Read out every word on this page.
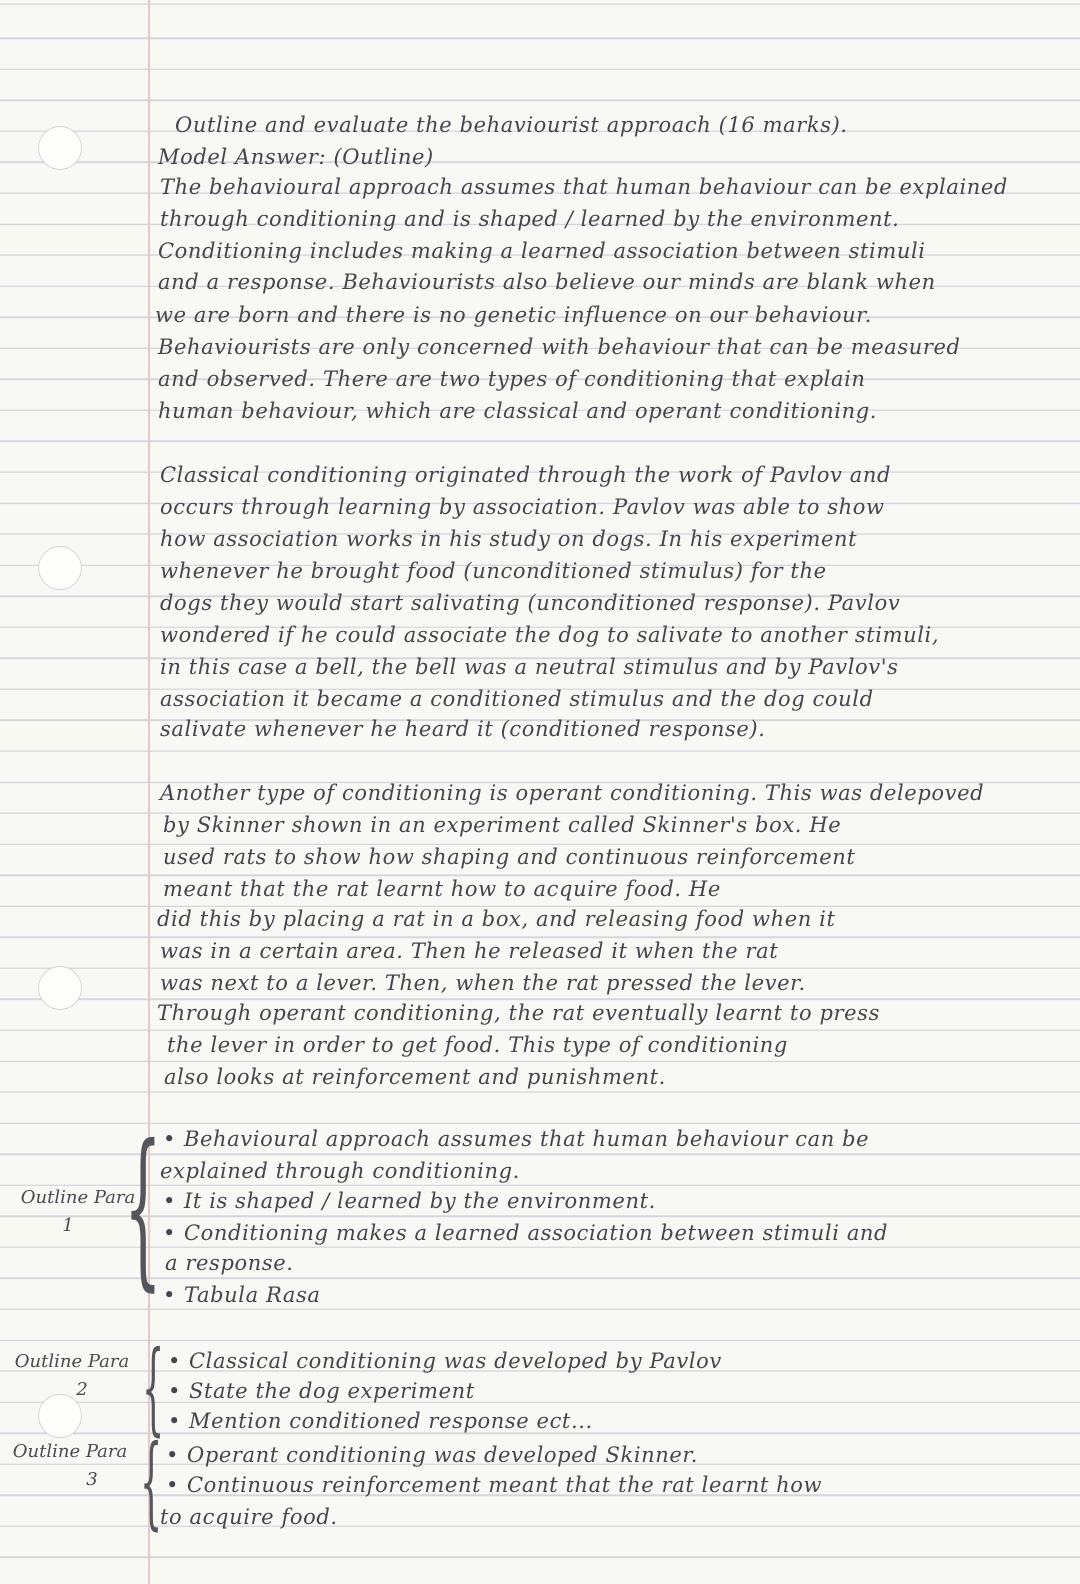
Outline and evaluate the behaviourist approach (16 marks).
Model Answer: (Outline)
The behavioural approach assumes that human behaviour can be explained
through conditioning and is shaped / learned by the environment.
Conditioning includes making a learned association between stimuli
and a response. Behaviourists also believe our minds are blank when
we are born and there is no genetic influence on our behaviour.
Behaviourists are only concerned with behaviour that can be measured
and observed. There are two types of conditioning that explain
human behaviour, which are classical and operant conditioning.
Classical conditioning originated through the work of Pavlov and
occurs through learning by association. Pavlov was able to show
how association works in his study on dogs. In his experiment
whenever he brought food (unconditioned stimulus) for the
dogs they would start salivating (unconditioned response). Pavlov
wondered if he could associate the dog to salivate to another stimuli,
in this case a bell, the bell was a neutral stimulus and by Pavlov's
association it became a conditioned stimulus and the dog could
salivate whenever he heard it (conditioned response).
Another type of conditioning is operant conditioning. This was delepoved
by Skinner shown in an experiment called Skinner's box. He
used rats to show how shaping and continuous reinforcement
meant that the rat learnt how to acquire food. He
did this by placing a rat in a box, and releasing food when it
was in a certain area. Then he released it when the rat
was next to a lever. Then, when the rat pressed the lever.
Through operant conditioning, the rat eventually learnt to press
the lever in order to get food. This type of conditioning
also looks at reinforcement and punishment.
Outline Para
1 { • Behavioural approach assumes that human behaviour can be
explained through conditioning.
• It is shaped / learned by the environment.
• Conditioning makes a learned association between stimuli and
a response.
• Tabula Rasa
Outline Para
2 { • Classical conditioning was developed by Pavlov
• State the dog experiment
• Mention conditioned response ect...
Outline Para
3 { • Operant conditioning was developed Skinner.
• Continuous reinforcement meant that the rat learnt how
to acquire food.
